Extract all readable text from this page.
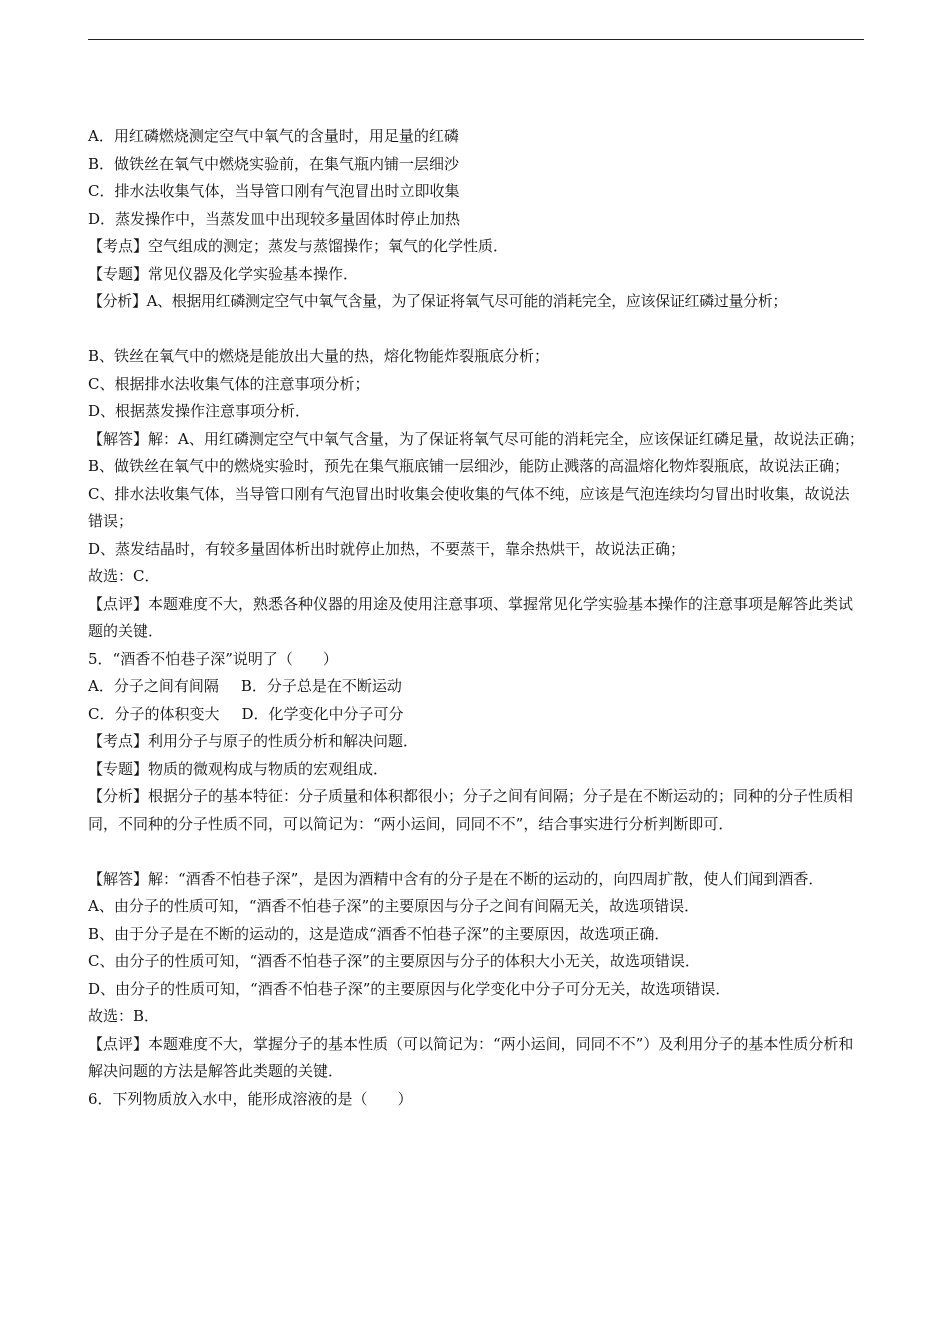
A．用红磷燃烧测定空气中氧气的含量时，用足量的红磷
B．做铁丝在氧气中燃烧实验前，在集气瓶内铺一层细沙
C．排水法收集气体，当导管口刚有气泡冒出时立即收集
D．蒸发操作中，当蒸发皿中出现较多量固体时停止加热
【考点】空气组成的测定；蒸发与蒸馏操作；氧气的化学性质．
【专题】常见仪器及化学实验基本操作．
【分析】A、根据用红磷测定空气中氧气含量，为了保证将氧气尽可能的消耗完全，应该保证红磷过量分析；
B、铁丝在氧气中的燃烧是能放出大量的热，熔化物能炸裂瓶底分析；
C、根据排水法收集气体的注意事项分析；
D、根据蒸发操作注意事项分析．
【解答】解：A、用红磷测定空气中氧气含量，为了保证将氧气尽可能的消耗完全，应该保证红磷足量，故说法正确；
B、做铁丝在氧气中的燃烧实验时，预先在集气瓶底铺一层细沙，能防止溅落的高温熔化物炸裂瓶底，故说法正确；
C、排水法收集气体，当导管口刚有气泡冒出时收集会使收集的气体不纯，应该是气泡连续均匀冒出时收集，故说法错误；
D、蒸发结晶时，有较多量固体析出时就停止加热，不要蒸干，靠余热烘干，故说法正确；
故选：C．
【点评】本题难度不大，熟悉各种仪器的用途及使用注意事项、掌握常见化学实验基本操作的注意事项是解答此类试题的关键．
5．“酒香不怕巷子深”说明了（　　）
A．分子之间有间隔 B．分子总是在不断运动
C．分子的体积变大 D．化学变化中分子可分
【考点】利用分子与原子的性质分析和解决问题．
【专题】物质的微观构成与物质的宏观组成．
【分析】根据分子的基本特征：分子质量和体积都很小；分子之间有间隔；分子是在不断运动的；同种的分子性质相同，不同种的分子性质不同，可以简记为：“两小运间，同同不不”，结合事实进行分析判断即可．
【解答】解：“酒香不怕巷子深”，是因为酒精中含有的分子是在不断的运动的，向四周扩散，使人们闻到酒香．
A、由分子的性质可知，“酒香不怕巷子深”的主要原因与分子之间有间隔无关，故选项错误．
B、由于分子是在不断的运动的，这是造成“酒香不怕巷子深”的主要原因，故选项正确．
C、由分子的性质可知，“酒香不怕巷子深”的主要原因与分子的体积大小无关，故选项错误．
D、由分子的性质可知，“酒香不怕巷子深”的主要原因与化学变化中分子可分无关，故选项错误．
故选：B．
【点评】本题难度不大，掌握分子的基本性质（可以简记为：“两小运间，同同不不”）及利用分子的基本性质分析和解决问题的方法是解答此类题的关键．
6．下列物质放入水中，能形成溶液的是（　　）
